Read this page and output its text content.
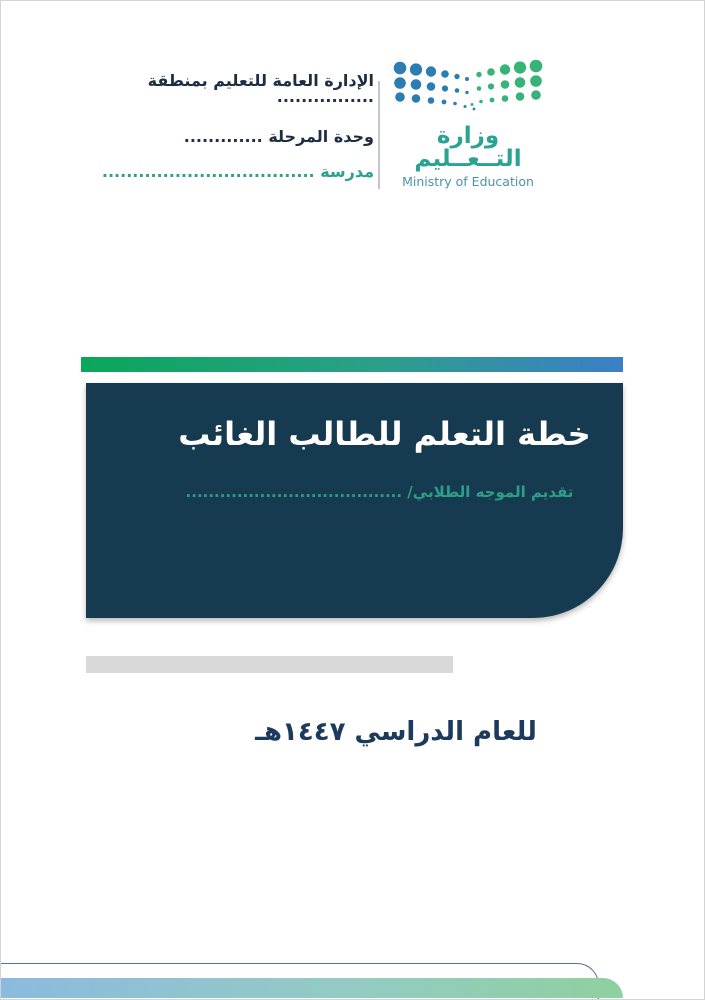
الإدارة العامة للتعليم بمنطقة ................
وحدة المرحلة .............
مدرسة ...................................
وزارة التــعــليم
Ministry of Education
خطة التعلم للطالب الغائب
تقديم الموجه الطلابي/ ......................................
للعام الدراسي ١٤٤٧هـ
